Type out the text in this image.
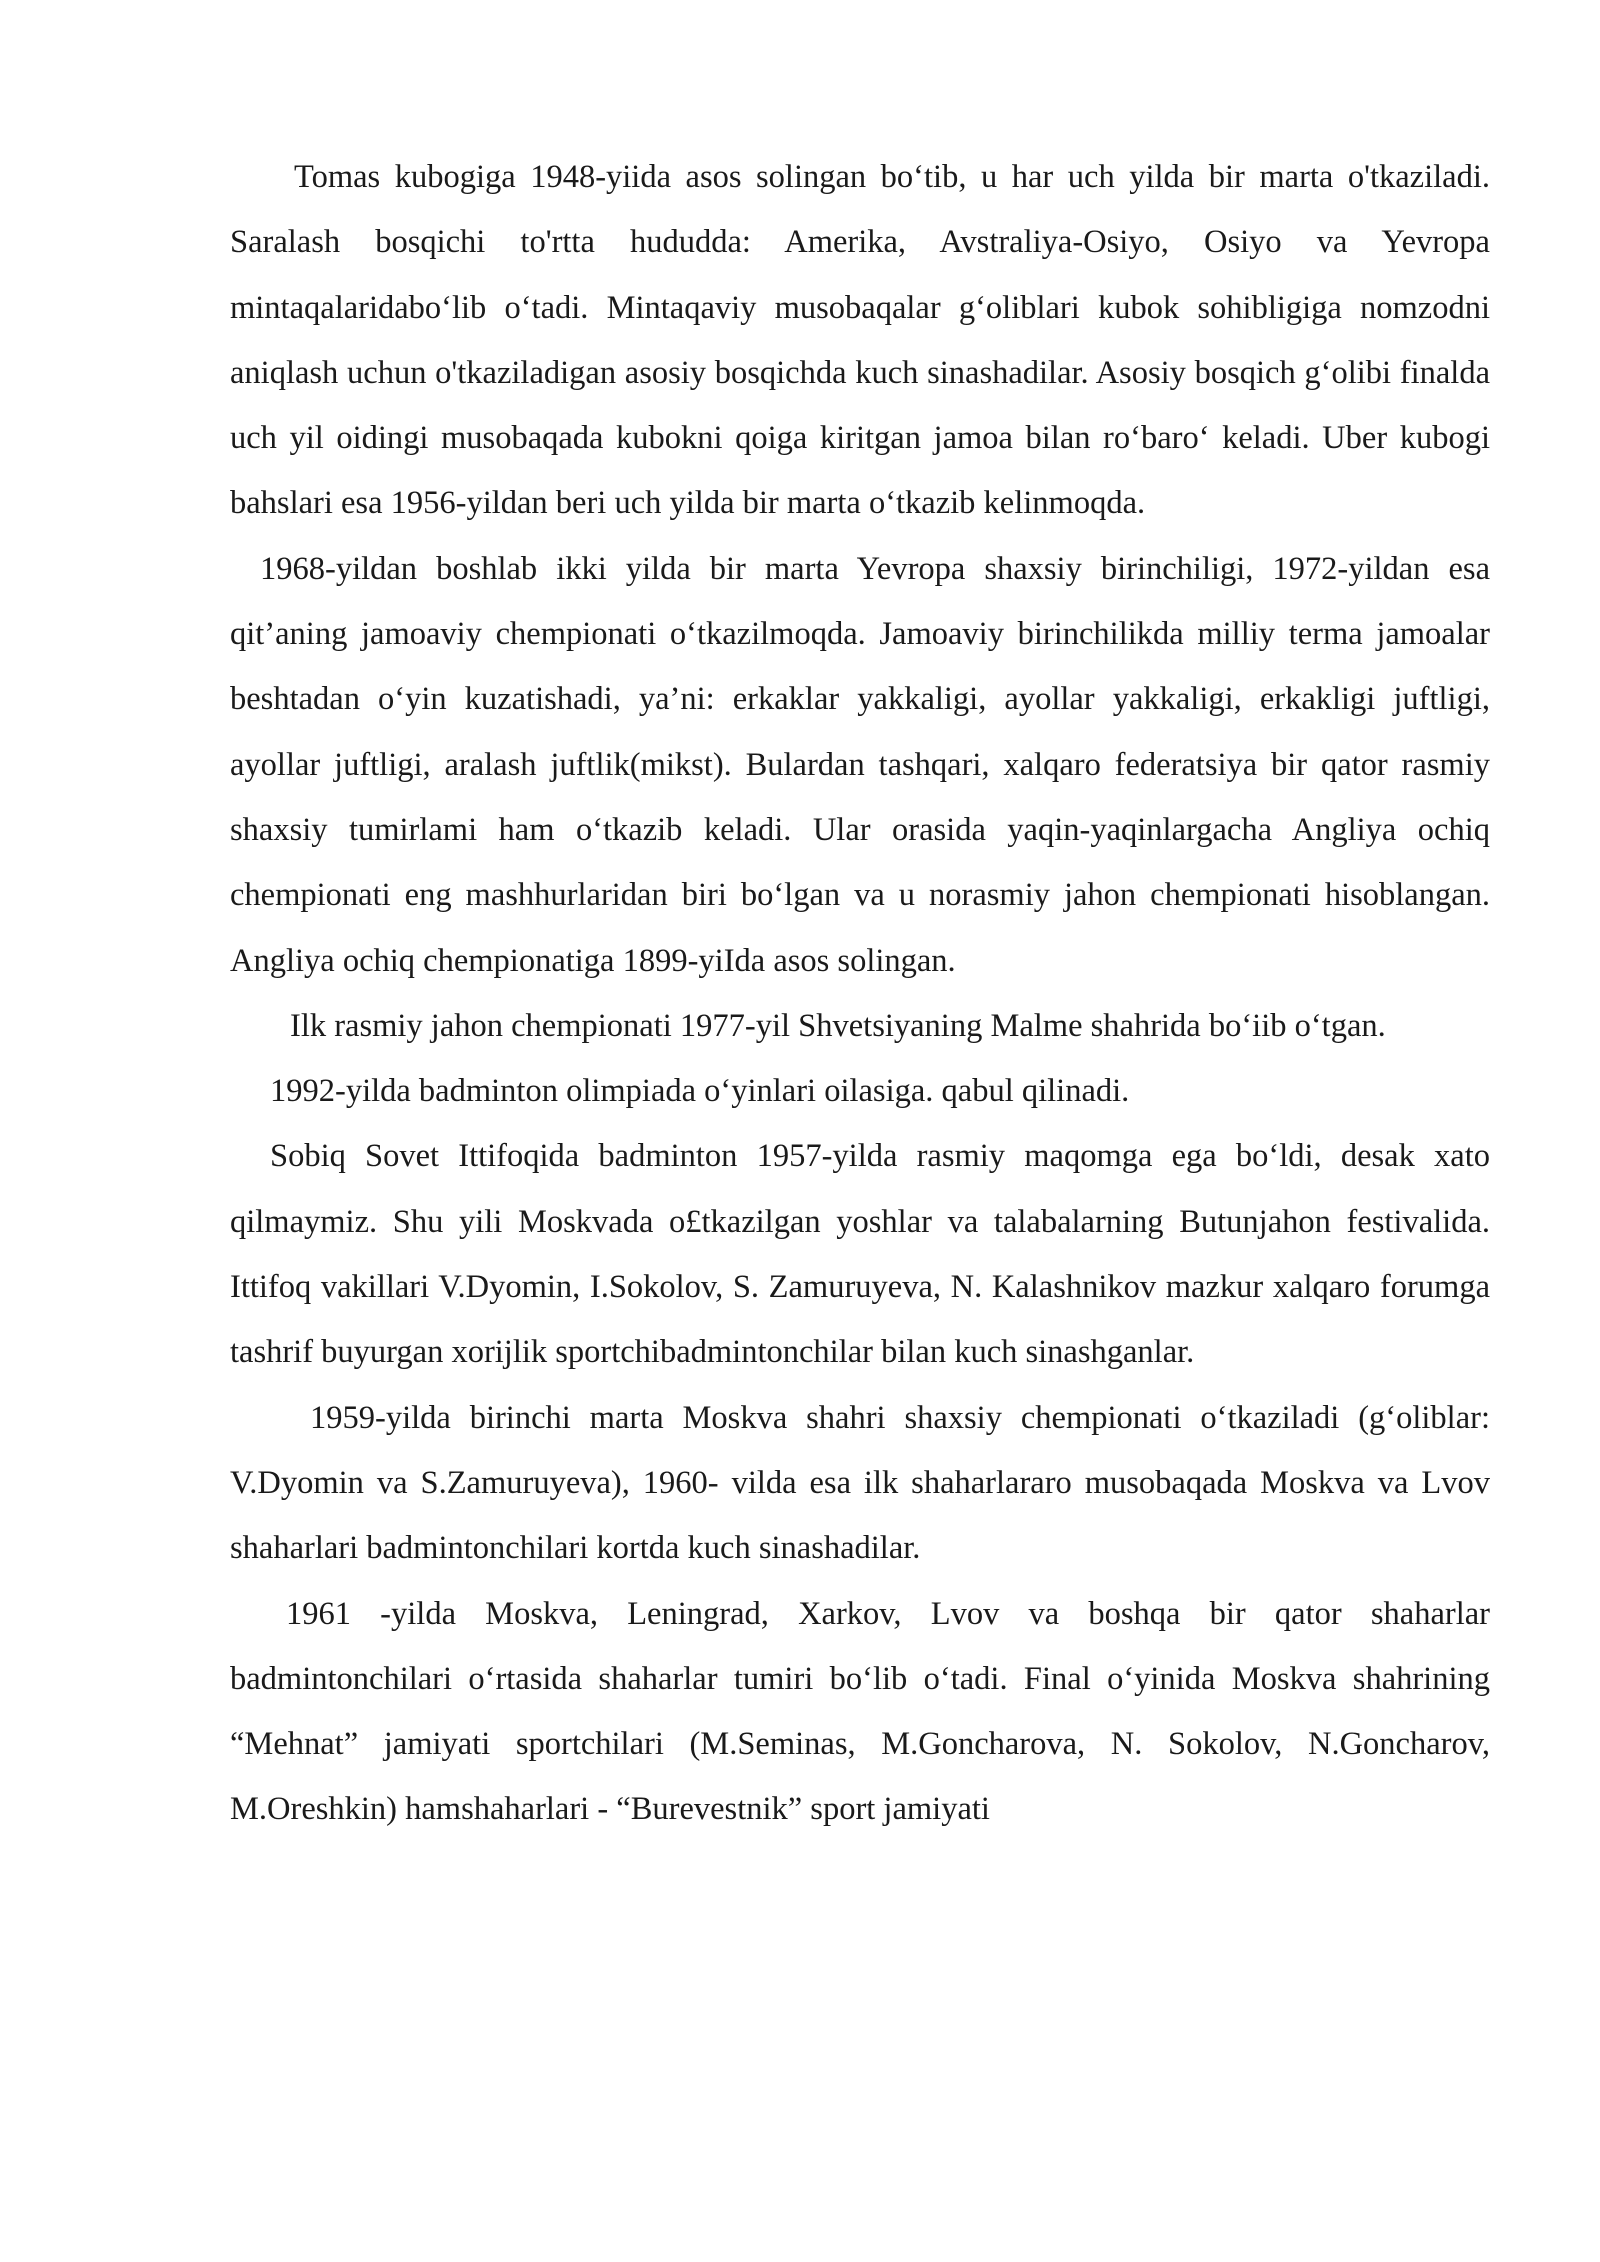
Tomas kubogiga 1948-yiida asos solingan bo‘tib, u har uch yilda bir marta o'tkaziladi. Saralash bosqichi to'rtta hududda: Amerika, Avstraliya-Osiyo, Osiyo va Yevropa mintaqalaridabo‘lib o‘tadi. Mintaqaviy musobaqalar g‘oliblari kubok sohibligiga nomzodni aniqlash uchun o'tkaziladigan asosiy bosqichda kuch sinashadilar. Asosiy bosqich g‘olibi finalda uch yil oidingi musobaqada kubokni qoiga kiritgan jamoa bilan ro‘baro‘ keladi. Uber kubogi bahslari esa 1956-yildan beri uch yilda bir marta o‘tkazib kelinmoqda.

1968-yildan boshlab ikki yilda bir marta Yevropa shaxsiy birinchiligi, 1972-yildan esa qit’aning jamoaviy chempionati o‘tkazilmoqda. Jamoaviy birinchilikda milliy terma jamoalar beshtadan o‘yin kuzatishadi, ya’ni: erkaklar yakkaligi, ayollar yakkaligi, erkakligi juftligi, ayollar juftligi, aralash juftlik(mikst). Bulardan tashqari, xalqaro federatsiya bir qator rasmiy shaxsiy tumirlami ham o‘tkazib keladi. Ular orasida yaqin-yaqinlargacha Angliya ochiq chempionati eng mashhurlaridan biri bo‘lgan va u norasmiy jahon chempionati hisoblangan. Angliya ochiq chempionatiga 1899-yiIda asos solingan.

Ilk rasmiy jahon chempionati 1977-yil Shvetsiyaning Malme shahrida bo‘iib o‘tgan.

1992-yilda badminton olimpiada o‘yinlari oilasiga. qabul qilinadi.

Sobiq Sovet Ittifoqida badminton 1957-yilda rasmiy maqomga ega bo‘ldi, desak xato qilmaymiz. Shu yili Moskvada o£tkazilgan yoshlar va talabalarning Butunjahon festivalida. Ittifoq vakillari V.Dyomin, I.Sokolov, S. Zamuruyeva, N. Kalashnikov mazkur xalqaro forumga tashrif buyurgan xorijlik sportchibadmintonchilar bilan kuch sinashganlar.

1959-yilda birinchi marta Moskva shahri shaxsiy chempionati o‘tkaziladi (g‘oliblar: V.Dyomin va S.Zamuruyeva), 1960- vilda esa ilk shaharlararo musobaqada Moskva va Lvov shaharlari badmintonchilari kortda kuch sinashadilar.

1961 -yilda Moskva, Leningrad, Xarkov, Lvov va boshqa bir qator shaharlar badmintonchilari o‘rtasida shaharlar tumiri bo‘lib o‘tadi. Final o‘yinida Moskva shahrining “Mehnat” jamiyati sportchilari (M.Seminas, M.Goncharova, N. Sokolov, N.Goncharov, M.Oreshkin) hamshaharlari - “Burevestnik” sport jamiyati
